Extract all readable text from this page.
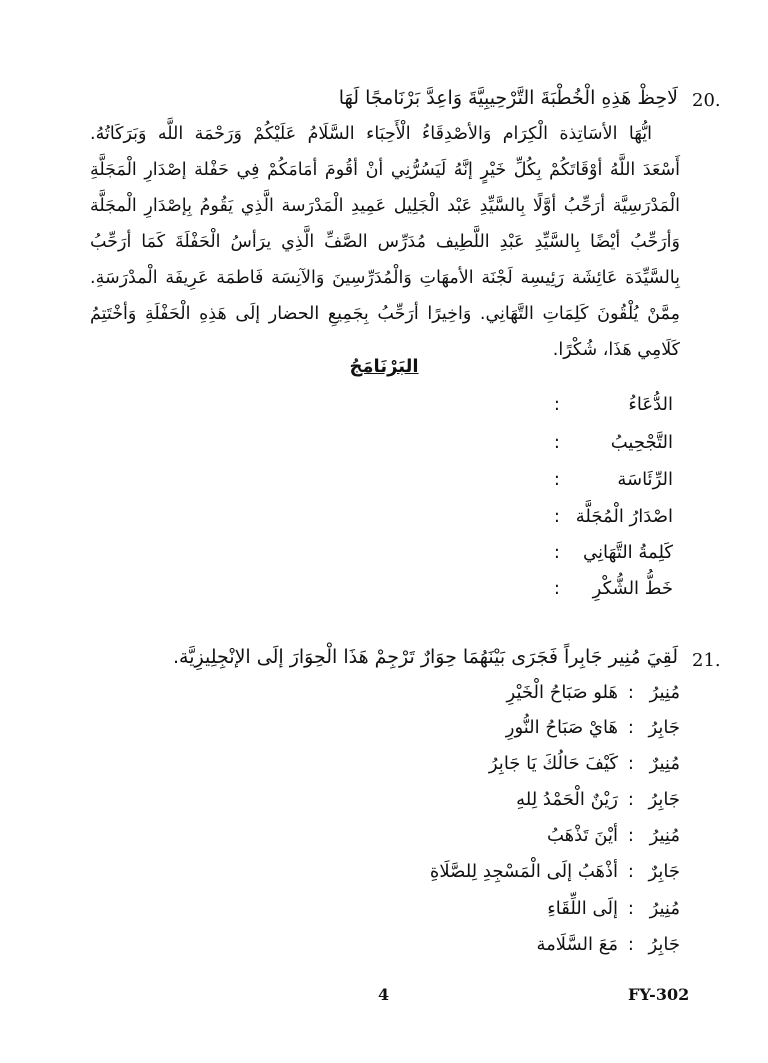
20.
لَاحِظْ هَذِهِ الْخُطْبَةَ التَّرْحِيبِيَّةَ وَاعِدَّ بَرْنَامجًا لَهَا
ايُّهَا الأسَاتِذة الْكِرَام وَالأصْدِقَاءُ الْأَحِبَاء السَّلَامُ عَلَيْكُمْ وَرَحْمَة اللَّه وَبَرَكَاتُهُ.
أَسْعَدَ اللَّهُ أوْقَاتَكُمْ بِكُلِّ خَيْرٍ إنَّهُ لَيَسُرُّنِي أنْ أقُومَ أمَامَكُمْ فِي حَفْلة إصْدَارِ الْمَجَلَّةِ
الْمَدْرَسِيَّة أرَحِّبُ أوَّلًا بِالسَّيِّدِ عَبْد الْجَلِيل عَمِيدِ الْمَدْرَسة الَّذِي يَقُومُ بِإصْدَارِ الْمجَلَّة
وَأرَحِّبُ أيْضًا بِالسَّيِّدِ عَبْدِ اللَّطِيف مُدَرِّس الصَّفِّ الَّذِي يرَأسُ الْحَفْلَةَ كَمَا أرَحِّبُ
بِالسَّيِّدَة عَائِشَة رَئِيسِة لَجْنَة الأمهَاتِ وَالْمُدَرِّسِينَ وَالآنِسَة فَاطمَة عَرِيفَة الْمدْرَسَةِ.
مِمَّنْ يُلْقُونَ كَلِمَاتِ التَّهَانِي. وَاخِيرًا أرَحِّبُ بِجَمِيعِ الحضار إلَى هَذِهِ الْحَفْلَةِ وَأخْتَتِمُ
كَلَامِي هَذَا، شُكْرًا.
البَرْنَامَجُ
الدُّعَاءُ
:
التَّجْحِيبُ
:
الرِّئَاسَة
:
اصْدَارُ الْمُجَلَّة
:
كَلِمةُ التَّهَانِي
:
خَطُّ الشُّكْرِ
:
21.
لَقِيَ مُنِير جَابِراً فَجَرَى بَيْنَهُمَا حِوَارٌ تَرْجِمْ هَذَا الْحِوَارَ إلَى الإنْجِلِيزِيَّة.
مُنِيرُ
:
هَلو صَبَاحُ الْخَيْرِ
جَابِرُ
:
هَايْ صَبَاحُ النُّورِ
مُنِيرٌ
:
كَيْفَ حَالُكَ يَا جَابِرُ
جَابِرُ
:
رَيْنٌ الْحَمْدُ لِلهِ
مُنِيرُ
:
أيْنَ تَذْهَبُ
جَابِرٌ
:
أذْهَبُ إلَى الْمَسْجِدِ لِلصَّلَاةِ
مُنِيرُ
:
إلَى اللِّقَاءِ
جَابِرُ
:
مَعَ السَّلَامة
4	FY-302
